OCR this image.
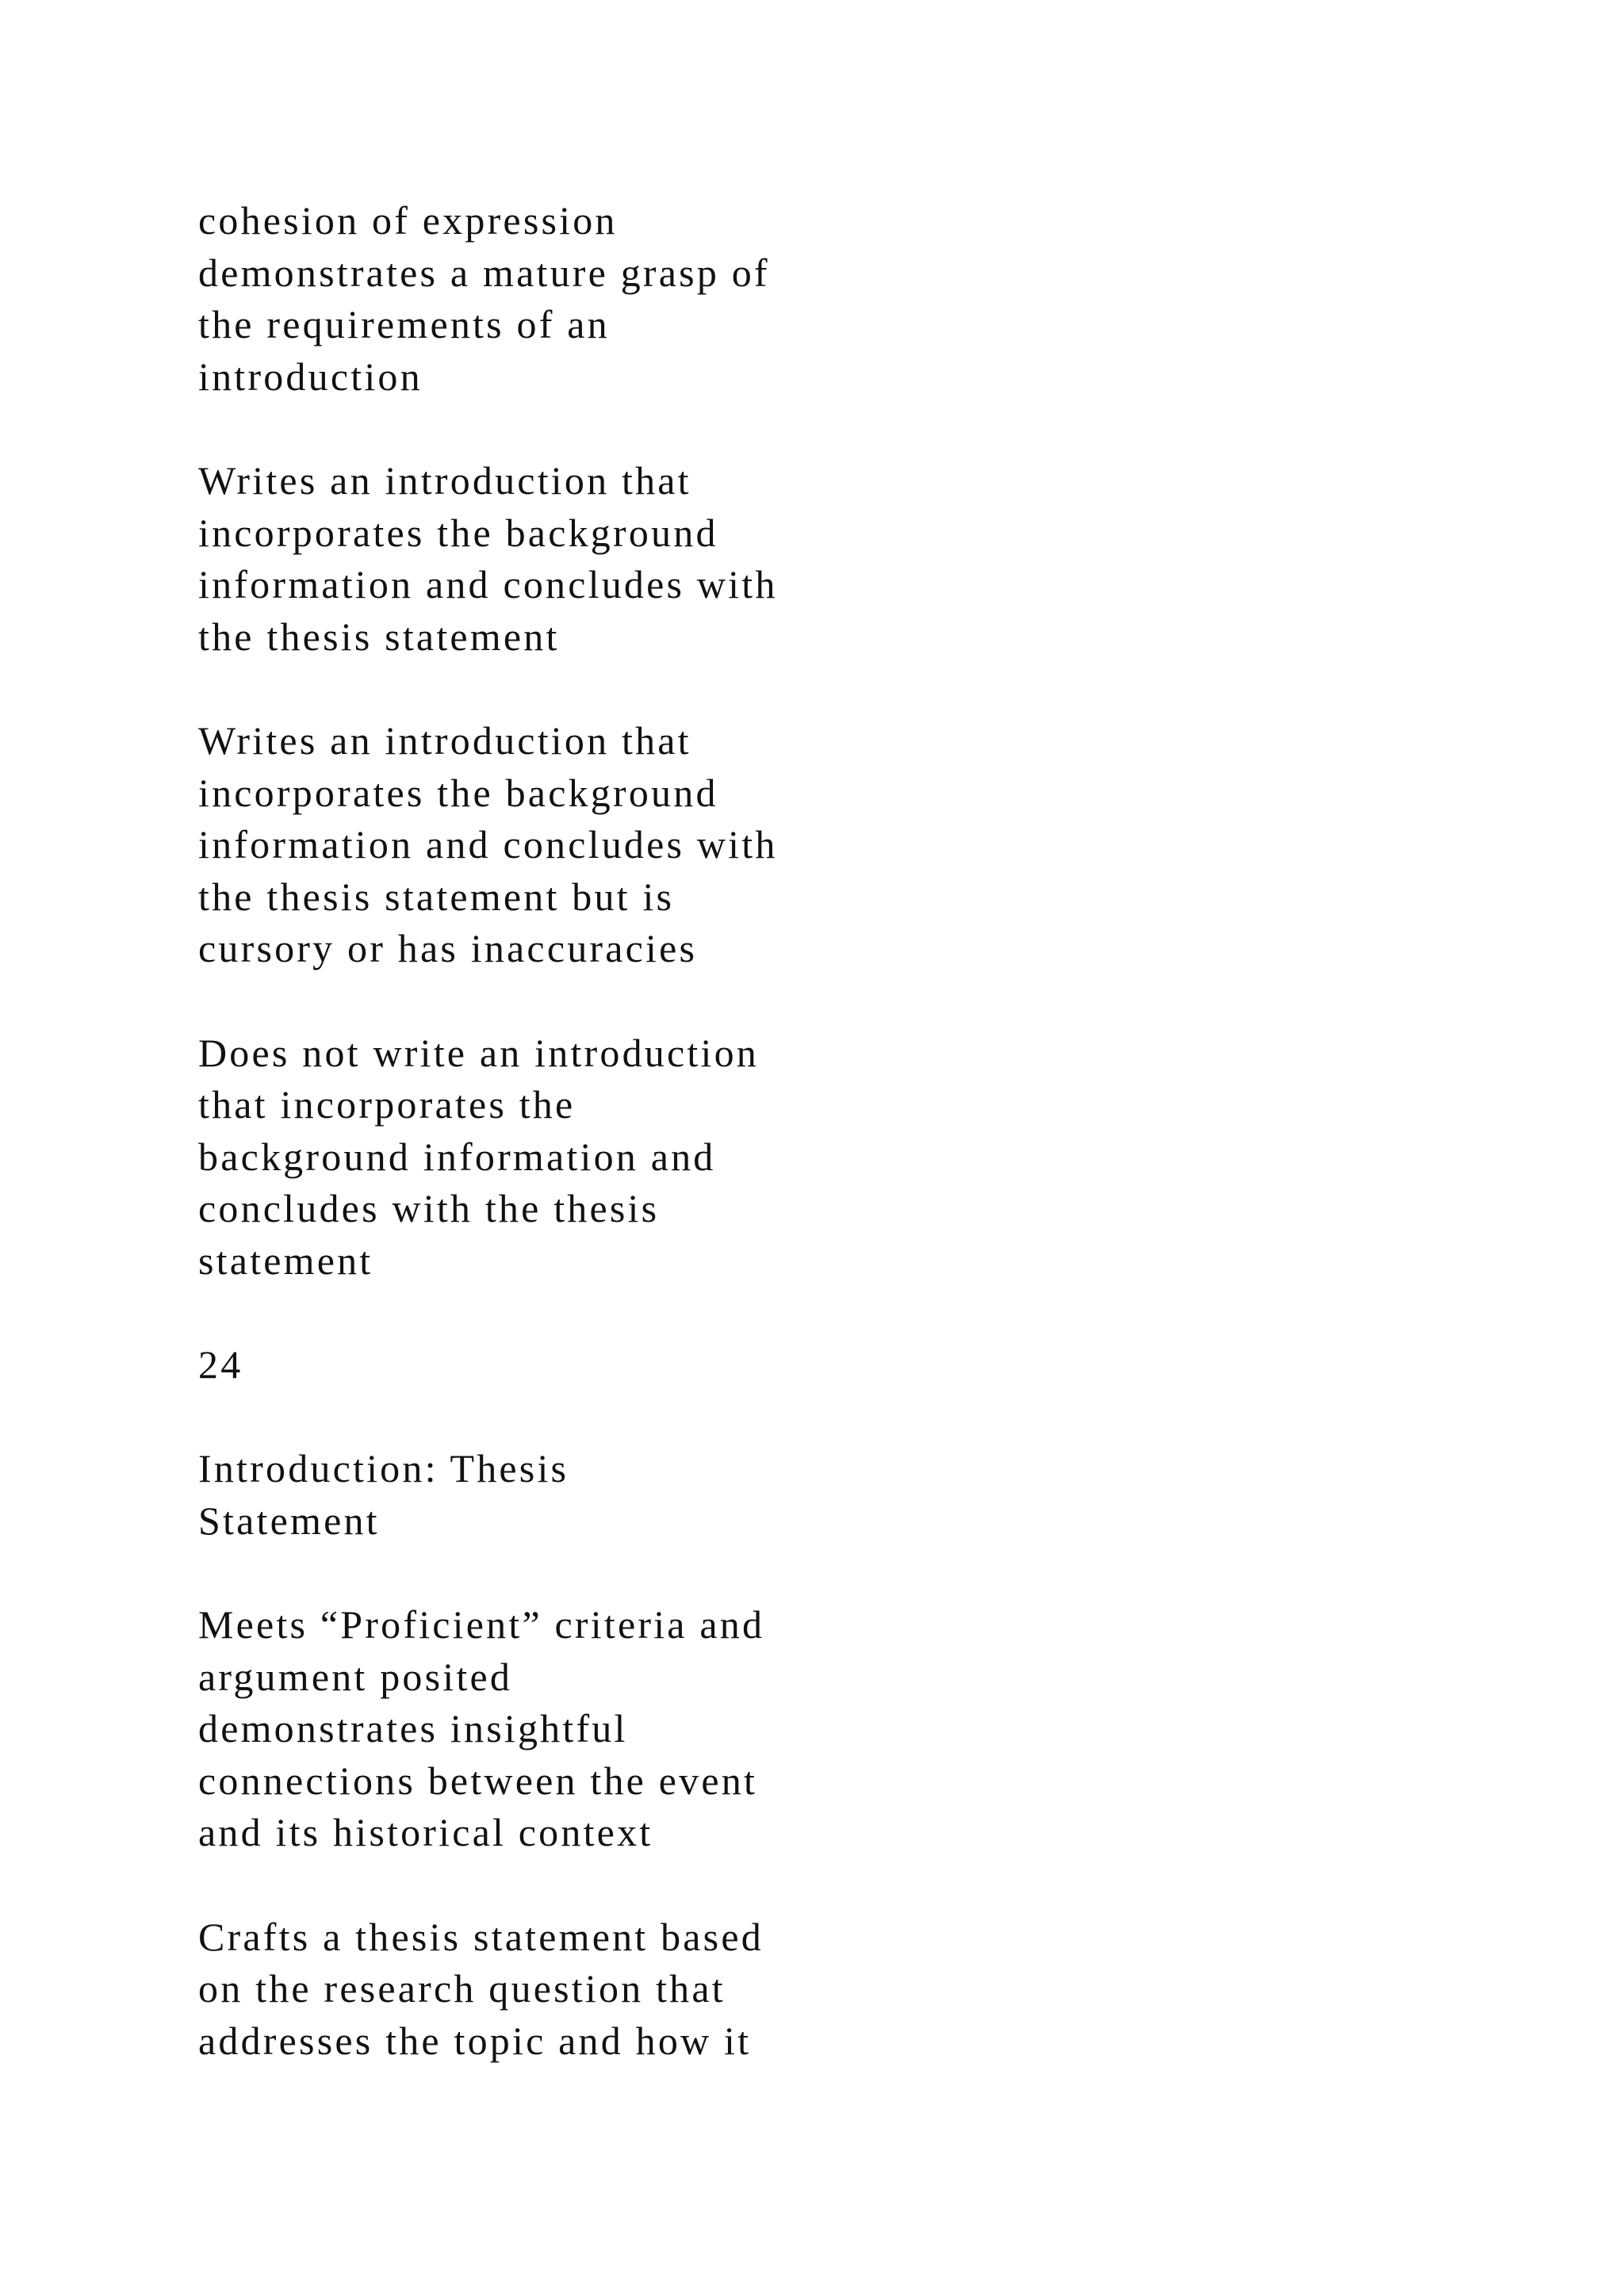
cohesion of expression
demonstrates a mature grasp of
the requirements of an
introduction
Writes an introduction that
incorporates the background
information and concludes with
the thesis statement
Writes an introduction that
incorporates the background
information and concludes with
the thesis statement but is
cursory or has inaccuracies
Does not write an introduction
that incorporates the
background information and
concludes with the thesis
statement
24
Introduction: Thesis
Statement
Meets “Proficient” criteria and
argument posited
demonstrates insightful
connections between the event
and its historical context
Crafts a thesis statement based
on the research question that
addresses the topic and how it
